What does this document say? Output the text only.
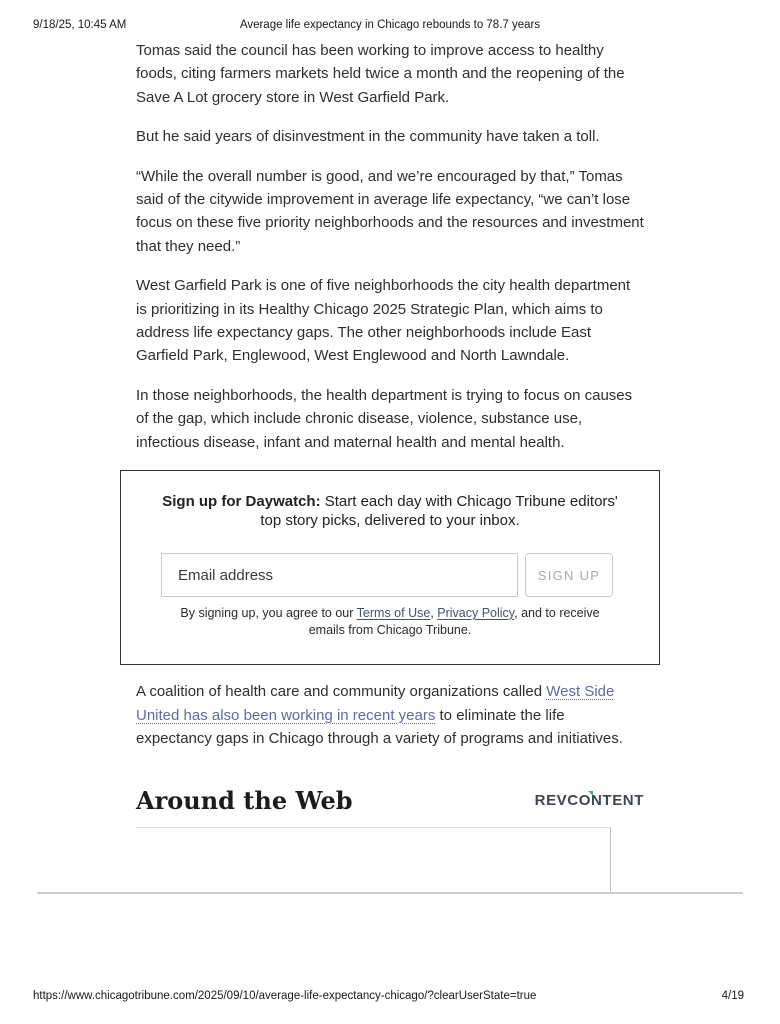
9/18/25, 10:45 AM	Average life expectancy in Chicago rebounds to 78.7 years

Tomas said the council has been working to improve access to healthy foods, citing farmers markets held twice a month and the reopening of the Save A Lot grocery store in West Garfield Park.

But he said years of disinvestment in the community have taken a toll.

“While the overall number is good, and we’re encouraged by that,” Tomas said of the citywide improvement in average life expectancy, “we can’t lose focus on these five priority neighborhoods and the resources and investment that they need.”

West Garfield Park is one of five neighborhoods the city health department is prioritizing in its Healthy Chicago 2025 Strategic Plan, which aims to address life expectancy gaps. The other neighborhoods include East Garfield Park, Englewood, West Englewood and North Lawndale.

In those neighborhoods, the health department is trying to focus on causes of the gap, which include chronic disease, violence, substance use, infectious disease, infant and maternal health and mental health.

Sign up for Daywatch: Start each day with Chicago Tribune editors' top story picks, delivered to your inbox.
Email address
SIGN UP
By signing up, you agree to our Terms of Use, Privacy Policy, and to receive emails from Chicago Tribune.

A coalition of health care and community organizations called West Side United has also been working in recent years to eliminate the life expectancy gaps in Chicago through a variety of programs and initiatives.

Around the Web	REVCONTENT
https://www.chicagotribune.com/2025/09/10/average-life-expectancy-chicago/?clearUserState=true	4/19
